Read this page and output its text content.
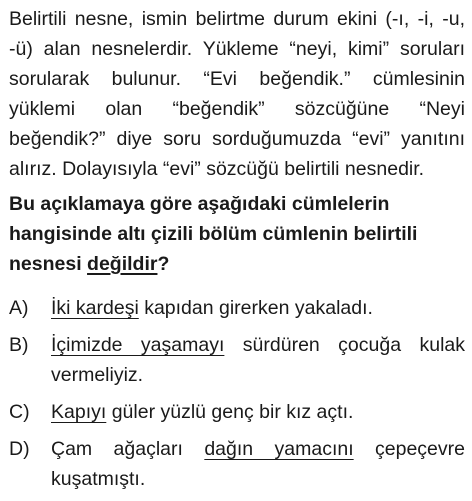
Belirtili nesne, ismin belirtme durum ekini (-ı, -i, -u, -ü) alan nesnelerdir. Yükleme “neyi, kimi” soruları sorularak bulunur. “Evi beğendik.” cümlesinin yüklemi olan “beğendik” sözcüğüne “Neyi beğendik?” diye soru sorduğumuzda “evi” yanıtını alırız. Dolayısıyla “evi” sözcüğü belirtili nesnedir.

Bu açıklamaya göre aşağıdaki cümlelerin hangisinde altı çizili bölüm cümlenin belirtili nesnesi değildir?

A)	İki kardeşi kapıdan girerken yakaladı.
B)	İçimizde yaşamayı sürdüren çocuğa kulak vermeliyiz.
C)	Kapıyı güler yüzlü genç bir kız açtı.
D)	Çam ağaçları dağın yamacını çepeçevre kuşatmıştı.
